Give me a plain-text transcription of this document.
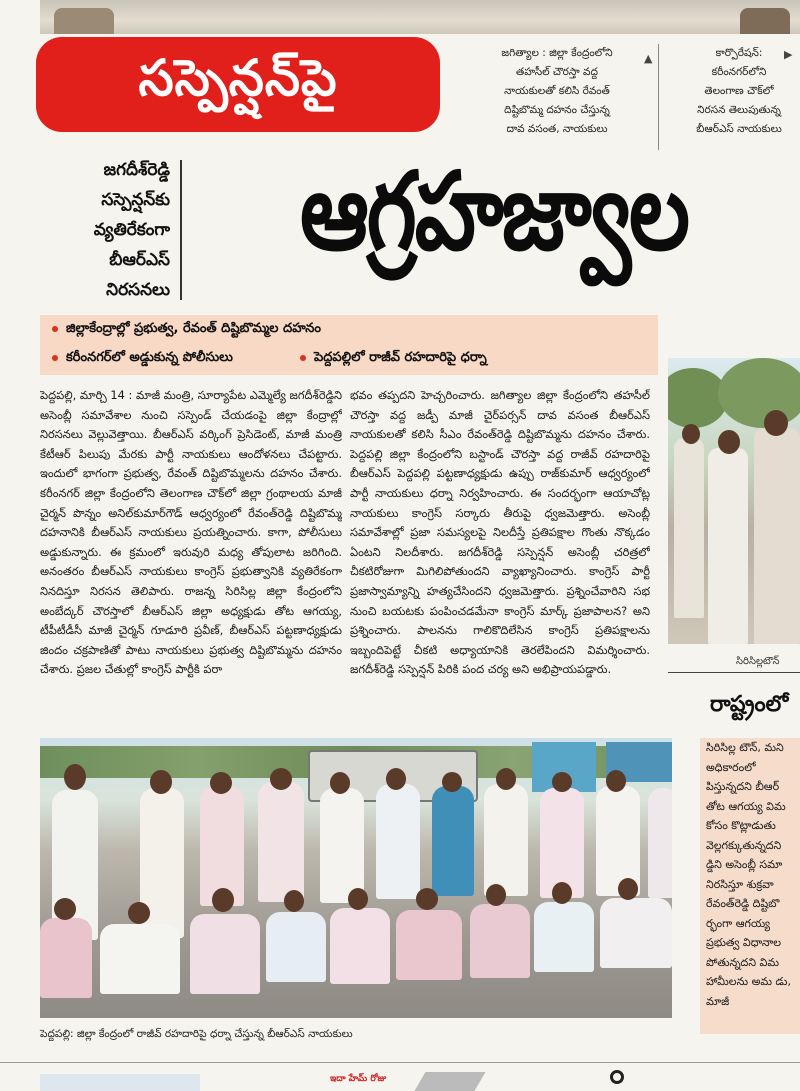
సస్పెన్షన్‌పై	జగిత్యాల : జిల్లా కేంద్రంలోని
తహసీల్ చౌరస్తా వద్ద
నాయకులతో కలిసి రేవంత్
దిష్టిబొమ్మ దహనం చేస్తున్న
దావ వసంత, నాయకులు
▲	కార్పొరేషన్:
కరీంనగర్‌లోని
తెలంగాణ చౌక్‌లో
నిరసన తెలుపుతున్న
బీఆర్‌ఎస్ నాయకులు
▶
జగదీశ్‌రెడ్డి
సస్పెన్షన్‌కు
వ్యతిరేకంగా
బీఆర్‌ఎస్
నిరసనలు
ఆగ్రహజ్వాల
జిల్లాకేంద్రాల్లో ప్రభుత్వ, రేవంత్ దిష్టిబొమ్మల దహనం
కరీంనగర్‌లో అడ్డుకున్న పోలీసులు	పెద్దపల్లిలో రాజీవ్ రహదారిపై ధర్నా
పెద్దపల్లి, మార్చి 14 : మాజీ మంత్రి, సూర్యాపేట ఎమ్మెల్యే జగదీశ్‌రెడ్డిని అసెంబ్లీ సమావేశాల నుంచి సస్పెండ్ చేయడంపై జిల్లా కేంద్రాల్లో నిరసనలు వెల్లువెత్తాయి. బీఆర్‌ఎస్ వర్కింగ్ ప్రెసిడెంట్, మాజీ మంత్రి కేటీఆర్ పిలుపు మేరకు పార్టీ నాయకులు ఆందోళనలు చేపట్టారు. ఇందులో భాగంగా ప్రభుత్వ, రేవంత్ దిష్టిబొమ్మలను దహనం చేశారు. కరీంనగర్ జిల్లా కేంద్రంలోని తెలంగాణ చౌక్‌లో జిల్లా గ్రంథాలయ మాజీ చైర్మన్ పొన్నం అనిల్‌కుమార్‌గౌడ్ ఆధ్వర్యంలో రేవంత్‌రెడ్డి దిష్టిబొమ్మ దహనానికి బీఆర్‌ఎస్ నాయకులు ప్రయత్నించారు. కాగా, పోలీసులు అడ్డుకున్నారు. ఈ క్రమంలో ఇరువురి మధ్య తోపులాట జరిగింది. అనంతరం బీఆర్‌ఎస్ నాయకులు కాంగ్రెస్ ప్రభుత్వానికి వ్యతిరేకంగా నినదిస్తూ నిరసన తెలిపారు. రాజన్న సిరిసిల్ల జిల్లా కేంద్రంలోని అంబేద్కర్ చౌరస్తాలో బీఆర్‌ఎస్ జిల్లా అధ్యక్షుడు తోట ఆగయ్య, టీపీటీడీసీ మాజీ చైర్మన్ గూడూరి ప్రవీణ్, బీఆర్‌ఎస్ పట్టణాధ్యక్షుడు జిందం చక్రపాణితో పాటు నాయకులు ప్రభుత్వ దిష్టిబొమ్మను దహనం చేశారు. ప్రజల చేతుల్లో కాంగ్రెస్ పార్టీకి పరా
భవం తప్పదని హెచ్చరించారు. జగిత్యాల జిల్లా కేంద్రంలోని తహసీల్ చౌరస్తా వద్ద జడ్పీ మాజీ చైర్‌పర్సన్ దావ వసంత బీఆర్‌ఎస్ నాయకులతో కలిసి సీఎం రేవంత్‌రెడ్డి దిష్టిబొమ్మను దహనం చేశారు. పెద్దపల్లి జిల్లా కేంద్రంలోని బస్టాండ్ చౌరస్తా వద్ద రాజీవ్ రహదారిపై బీఆర్‌ఎస్ పెద్దపల్లి పట్టణాధ్యక్షుడు ఉప్పు రాజ్‌కుమార్ ఆధ్వర్యంలో పార్టీ నాయకులు ధర్నా నిర్వహించారు. ఈ సందర్భంగా ఆయాచోట్ల నాయకులు కాంగ్రెస్ సర్కారు తీరుపై ధ్వజమెత్తారు. అసెంబ్లీ సమావేశాల్లో ప్రజా సమస్యలపై నిలదీస్తే ప్రతిపక్షాల గొంతు నొక్కడం ఏంటని నిలదీశారు. జగదీశ్‌రెడ్డి సస్పెన్షన్ అసెంబ్లీ చరిత్రలో చీకటిరోజుగా మిగిలిపోతుందని వ్యాఖ్యానించారు. కాంగ్రెస్ పార్టీ ప్రజాస్వామ్యాన్ని హత్యచేసిందని ధ్వజమెత్తారు. ప్రశ్నించేవారిని సభ నుంచి బయటకు పంపించడమేనా కాంగ్రెస్ మార్క్ ప్రజాపాలన? అని ప్రశ్నించారు. పాలనను గాలికొదిలేసిన కాంగ్రెస్ ప్రతిపక్షాలను ఇబ్బందిపెట్టే చీకటి అధ్యాయానికి తెరలేపిందని విమర్శించారు. జగదీశ్‌రెడ్డి సస్పెన్షన్ పిరికి పంద చర్య అని అభిప్రాయపడ్డారు.
సిరిసిల్లటౌన్
రాష్ట్రంలో
సిరిసిల్ల టౌన్, మని అధికారంలో పిస్తున్నదని బీఆర్ తోట ఆగయ్య విమ కోసం కొట్లాడుతు వెల్లగక్కుతున్నదని డ్డిని అసెంబ్లీ సమా నిరసిస్తూ శుక్రవా రేవంత్‌రెడ్డి దిష్టిబొ ర్భంగా ఆగయ్య ప్రభుత్వ విధానాల పోతున్నదని విమ హామీలను అమ డు, మాజీ
పెద్దపల్లి: జిల్లా కేంద్రంలో రాజీవ్ రహదారిపై ధర్నా చేస్తున్న బీఆర్‌ఎస్ నాయకులు
ఇదా హేమ్ రోజు
